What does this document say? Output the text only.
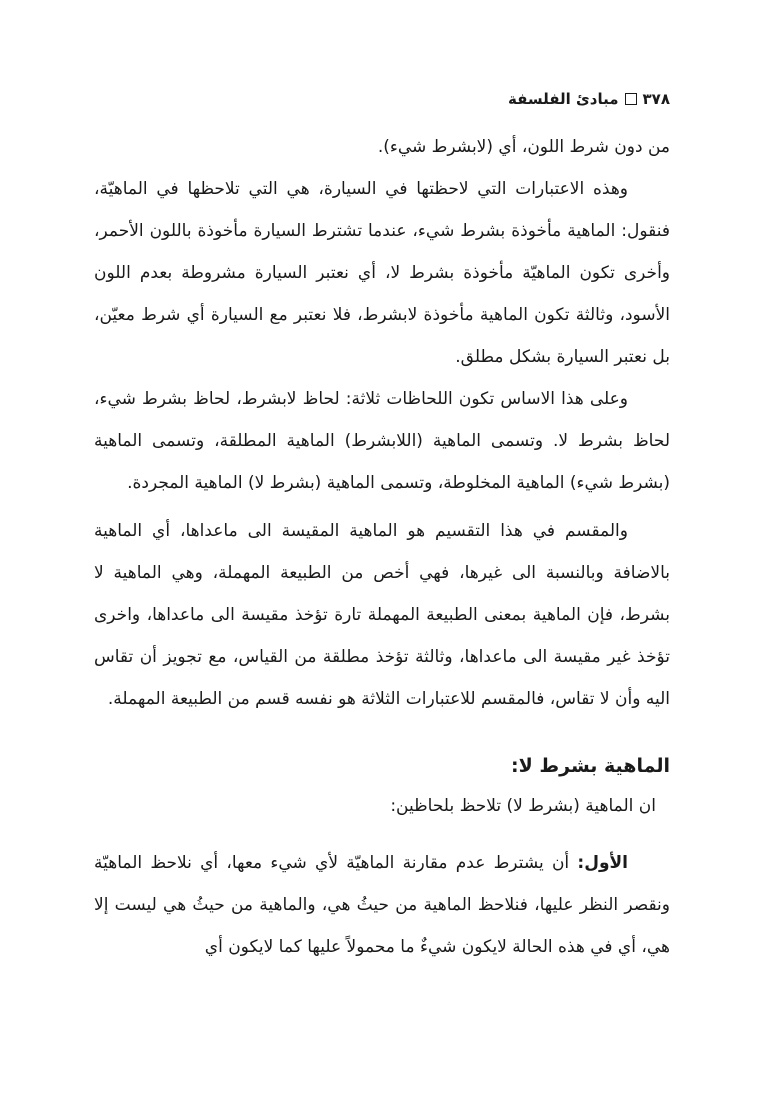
٣٧٨
مبادئ الفلسفة

من دون شرط اللون، أي (لابشرط شيء).

وهذه الاعتبارات التي لاحظتها في السيارة، هي التي تلاحظها في الماهيّة، فنقول: الماهية مأخوذة بشرط شيء، عندما تشترط السيارة مأخوذة باللون الأحمر، وأخرى تكون الماهيّة مأخوذة بشرط لا، أي نعتبر السيارة مشروطة بعدم اللون الأسود، وثالثة تكون الماهية مأخوذة لابشرط، فلا نعتبر مع السيارة أي شرط معيّن، بل نعتبر السيارة بشكل مطلق.

وعلى هذا الاساس تكون اللحاظات ثلاثة: لحاظ لابشرط، لحاظ بشرط شيء، لحاظ بشرط لا. وتسمى الماهية (اللابشرط) الماهية المطلقة، وتسمى الماهية (بشرط شيء) الماهية المخلوطة، وتسمى الماهية (بشرط لا) الماهية المجردة.

والمقسم في هذا التقسيم هو الماهية المقيسة الى ماعداها، أي الماهية بالاضافة وبالنسبة الى غيرها، فهي أخص من الطبيعة المهملة، وهي الماهية لا بشرط، فإن الماهية بمعنى الطبيعة المهملة تارة تؤخذ مقيسة الى ماعداها، واخرى تؤخذ غير مقيسة الى ماعداها، وثالثة تؤخذ مطلقة من القياس، مع تجويز أن تقاس اليه وأن لا تقاس، فالمقسم للاعتبارات الثلاثة هو نفسه قسم من الطبيعة المهملة.

الماهية بشرط لا:

ان الماهية (بشرط لا) تلاحظ بلحاظين:

الأول: أن يشترط عدم مقارنة الماهيّة لأي شيء معها، أي نلاحظ الماهيّة ونقصر النظر عليها، فنلاحظ الماهية من حيثُ هي، والماهية من حيثُ هي ليست إلا هي، أي في هذه الحالة لايكون شيءٌ ما محمولاً عليها كما لايكون أي
